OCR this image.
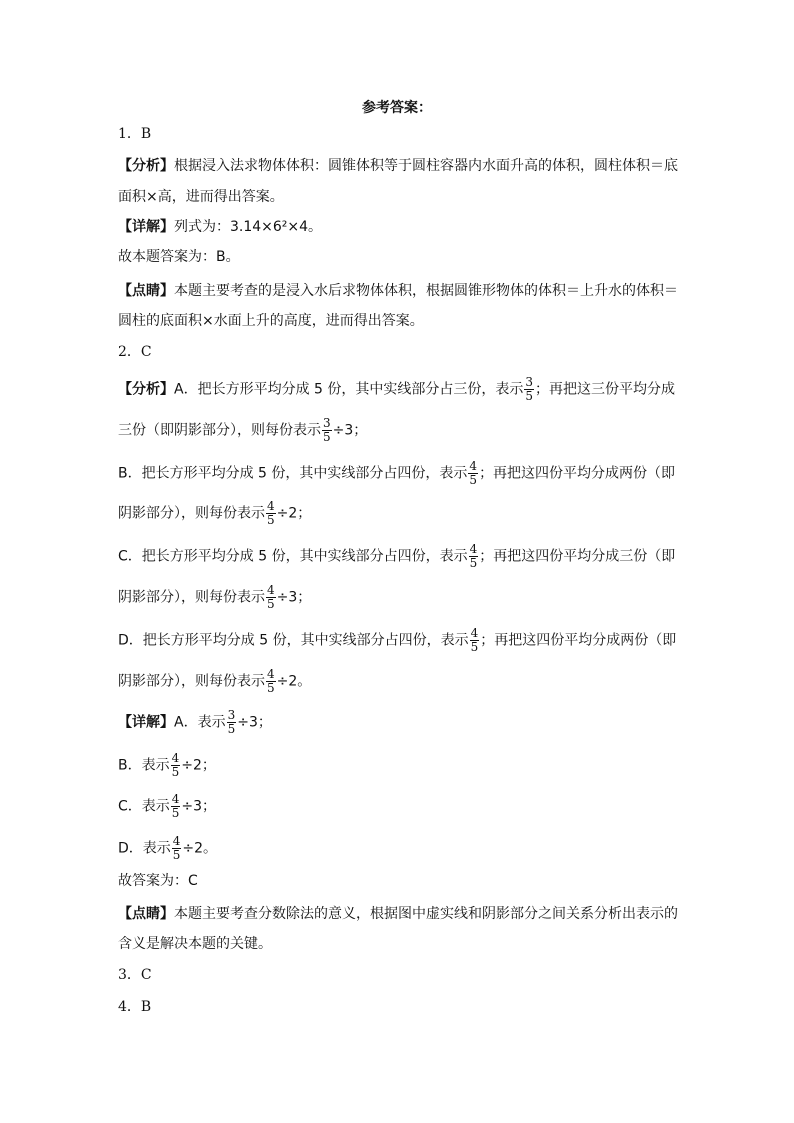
参考答案：
1．B
【分析】根据浸入法求物体体积：圆锥体积等于圆柱容器内水面升高的体积，圆柱体积＝底
面积×高，进而得出答案。
【详解】列式为：3.14×6²×4。
故本题答案为：B。
【点睛】本题主要考查的是浸入水后求物体体积，根据圆锥形物体的体积＝上升水的体积＝
圆柱的底面积×水面上升的高度，进而得出答案。
2．C
【分析】A．把长方形平均分成 5 份，其中实线部分占三份，表示 $\frac{3}{5}$ ；再把这三份平均分成
三份（即阴影部分），则每份表示 $\frac{3}{5} \div 3$；
B．把长方形平均分成 5 份，其中实线部分占四份，表示 $\frac{4}{5}$ ；再把这四份平均分成两份（即
阴影部分），则每份表示 $\frac{4}{5} \div 2$；
C．把长方形平均分成 5 份，其中实线部分占四份，表示 $\frac{4}{5}$ ；再把这四份平均分成三份（即
阴影部分），则每份表示 $\frac{4}{5} \div 3$；
D．把长方形平均分成 5 份，其中实线部分占四份，表示 $\frac{4}{5}$ ；再把这四份平均分成两份（即
阴影部分），则每份表示 $\frac{4}{5} \div 2$。
【详解】A．表示 $\frac{3}{5} \div 3$；
B．表示 $\frac{4}{5} \div 2$；
C．表示 $\frac{4}{5} \div 3$；
D．表示 $\frac{4}{5} \div 2$。
故答案为：C
【点睛】本题主要考查分数除法的意义，根据图中虚实线和阴影部分之间关系分析出表示的
含义是解决本题的关键。
3．C
4．B
